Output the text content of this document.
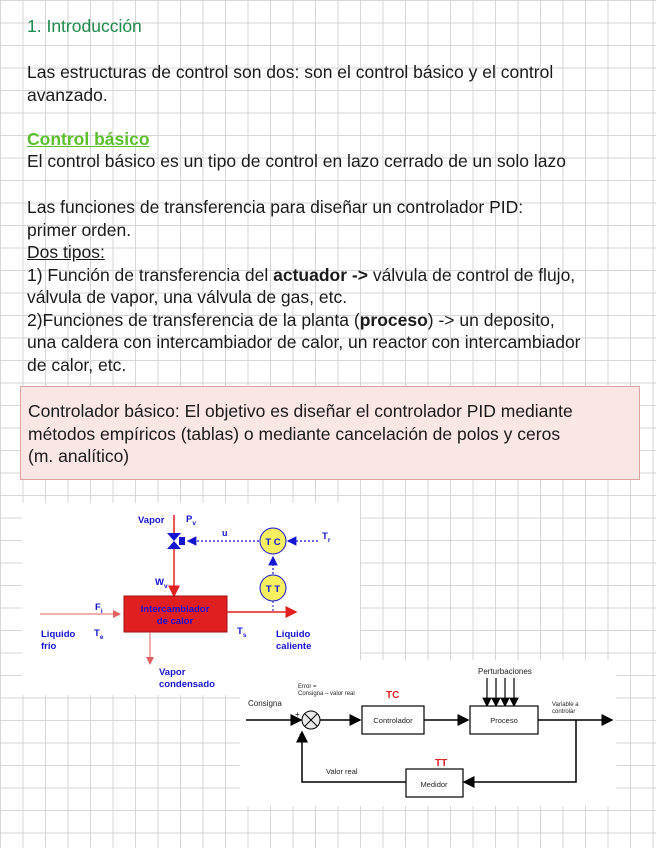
1. Introducción
Las estructuras de control son dos: son el control básico y el control
avanzado.
Control básico
El control básico es un tipo de control en lazo cerrado de un solo lazo
Las funciones de transferencia para diseñar un controlador PID:
primer orden.
Dos tipos:
1) Función de transferencia del actuador -> válvula de control de flujo,
válvula de vapor, una válvula de gas, etc.
2)Funciones de transferencia de la planta (proceso) -> un deposito,
una caldera con intercambiador de calor, un reactor con intercambiador
de calor, etc.
Controlador básico: El objetivo es diseñar el controlador PID mediante
métodos empíricos (tablas) o mediante cancelación de polos y ceros
(m. analítico)
Vapor $P_v$
u
T C
$T_r$
T T
$W_v$
$F_i$	Intercambiador
de calor
Liquido
frio
$T_e$
$T_s$	Liquido
caliente
Vapor
condensado
Perturbaciones
Error =
Consigna – valor real	TC
Consigna
+
-
Controlador	Proceso
Variable a
controlar
TT
Medidor
Valor real
